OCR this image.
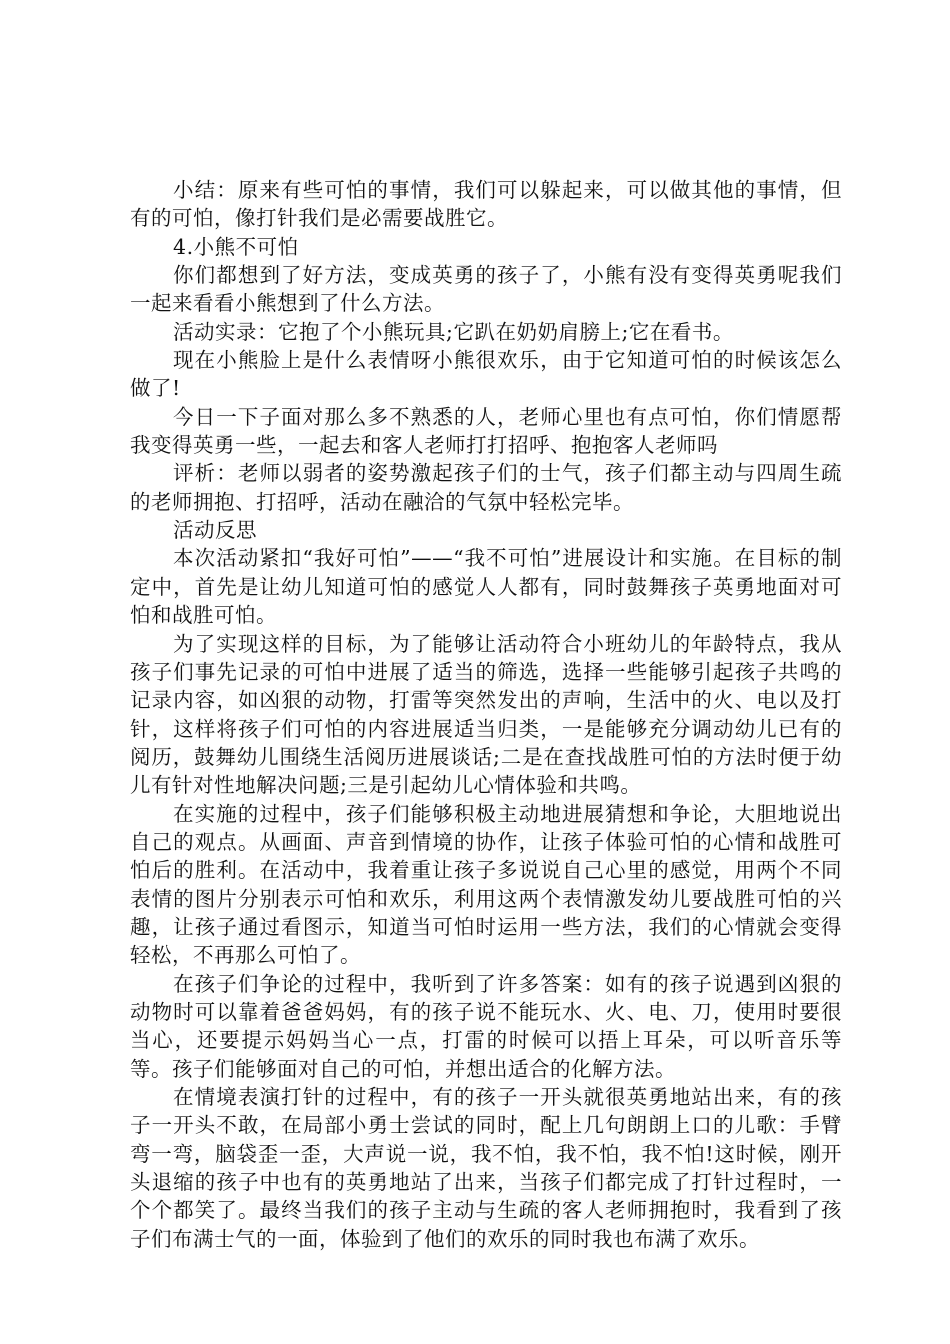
小结：原来有些可怕的事情，我们可以躲起来，可以做其他的事情，但有的可怕，像打针我们是必需要战胜它。

4.小熊不可怕

你们都想到了好方法，变成英勇的孩子了，小熊有没有变得英勇呢我们一起来看看小熊想到了什么方法。

活动实录：它抱了个小熊玩具;它趴在奶奶肩膀上;它在看书。

现在小熊脸上是什么表情呀小熊很欢乐，由于它知道可怕的时候该怎么做了!

今日一下子面对那么多不熟悉的人，老师心里也有点可怕，你们情愿帮我变得英勇一些，一起去和客人老师打打招呼、抱抱客人老师吗

评析：老师以弱者的姿势激起孩子们的士气，孩子们都主动与四周生疏的老师拥抱、打招呼，活动在融洽的气氛中轻松完毕。

活动反思

本次活动紧扣“我好可怕”——“我不可怕”进展设计和实施。在目标的制定中，首先是让幼儿知道可怕的感觉人人都有，同时鼓舞孩子英勇地面对可怕和战胜可怕。

为了实现这样的目标，为了能够让活动符合小班幼儿的年龄特点，我从孩子们事先记录的可怕中进展了适当的筛选，选择一些能够引起孩子共鸣的记录内容，如凶狠的动物，打雷等突然发出的声响，生活中的火、电以及打针，这样将孩子们可怕的内容进展适当归类，一是能够充分调动幼儿已有的阅历，鼓舞幼儿围绕生活阅历进展谈话;二是在查找战胜可怕的方法时便于幼儿有针对性地解决问题;三是引起幼儿心情体验和共鸣。

在实施的过程中，孩子们能够积极主动地进展猜想和争论，大胆地说出自己的观点。从画面、声音到情境的协作，让孩子体验可怕的心情和战胜可怕后的胜利。在活动中，我着重让孩子多说说自己心里的感觉，用两个不同表情的图片分别表示可怕和欢乐，利用这两个表情激发幼儿要战胜可怕的兴趣，让孩子通过看图示，知道当可怕时运用一些方法，我们的心情就会变得轻松，不再那么可怕了。

在孩子们争论的过程中，我听到了许多答案：如有的孩子说遇到凶狠的动物时可以靠着爸爸妈妈，有的孩子说不能玩水、火、电、刀，使用时要很当心，还要提示妈妈当心一点，打雷的时候可以捂上耳朵，可以听音乐等等。孩子们能够面对自己的可怕，并想出适合的化解方法。

在情境表演打针的过程中，有的孩子一开头就很英勇地站出来，有的孩子一开头不敢，在局部小勇士尝试的同时，配上几句朗朗上口的儿歌：手臂弯一弯，脑袋歪一歪，大声说一说，我不怕，我不怕，我不怕!这时候，刚开头退缩的孩子中也有的英勇地站了出来，当孩子们都完成了打针过程时，一个个都笑了。最终当我们的孩子主动与生疏的客人老师拥抱时，我看到了孩子们布满士气的一面，体验到了他们的欢乐的同时我也布满了欢乐。
